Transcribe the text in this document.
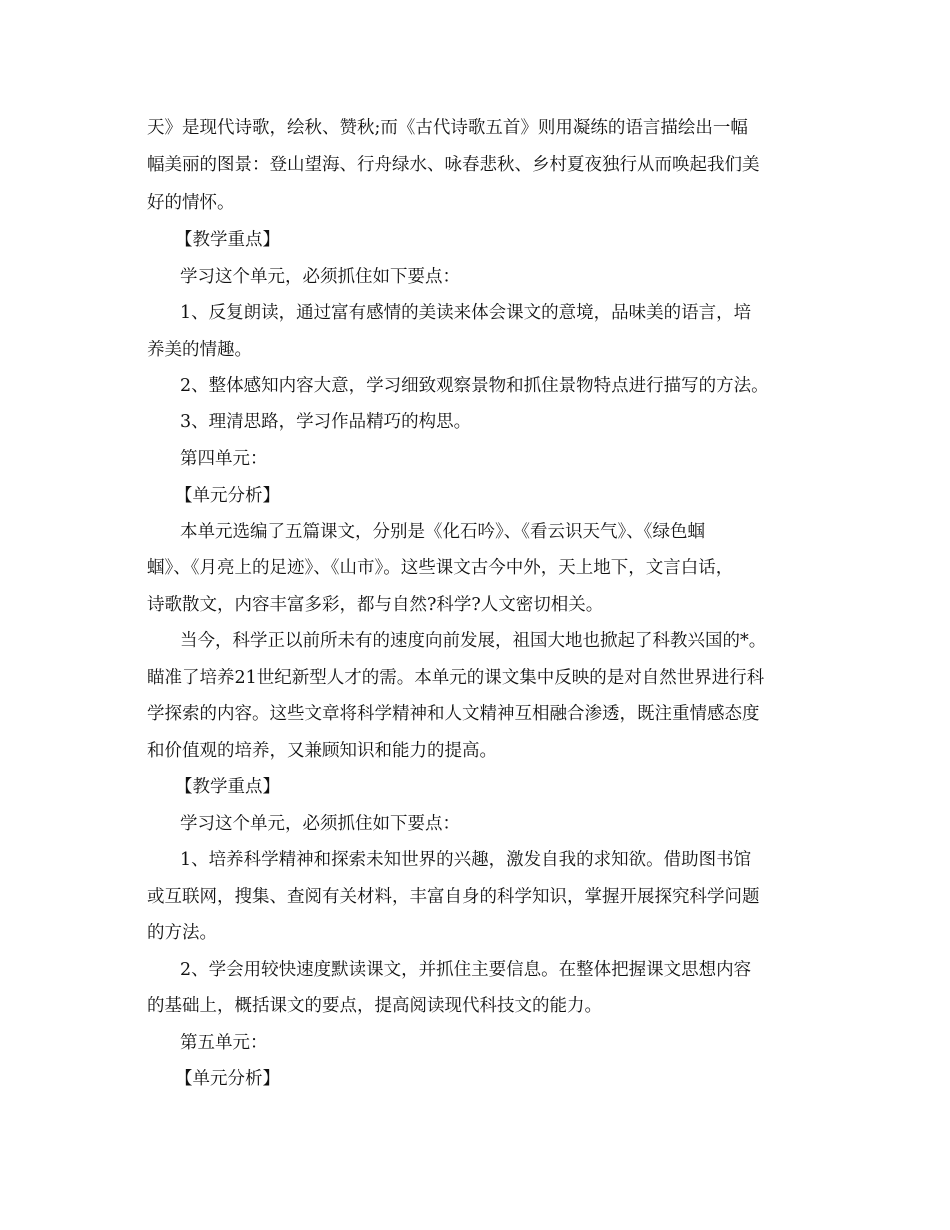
天》是现代诗歌，绘秋、赞秋;而《古代诗歌五首》则用凝练的语言描绘出一幅
幅美丽的图景：登山望海、行舟绿水、咏春悲秋、乡村夏夜独行从而唤起我们美
好的情怀。
【教学重点】
学习这个单元，必须抓住如下要点：
1、反复朗读，通过富有感情的美读来体会课文的意境，品味美的语言，培
养美的情趣。
2、整体感知内容大意，学习细致观察景物和抓住景物特点进行描写的方法。
3、理清思路，学习作品精巧的构思。
第四单元：
【单元分析】
本单元选编了五篇课文，分别是《化石吟》、《看云识天气》、《绿色蝈
蝈》、《月亮上的足迹》、《山市》。这些课文古今中外，天上地下，文言白话，
诗歌散文，内容丰富多彩，都与自然?科学?人文密切相关。
当今，科学正以前所未有的速度向前发展，祖国大地也掀起了科教兴国的*。
瞄准了培养21世纪新型人才的需。本单元的课文集中反映的是对自然世界进行科
学探索的内容。这些文章将科学精神和人文精神互相融合渗透，既注重情感态度
和价值观的培养，又兼顾知识和能力的提高。
【教学重点】
学习这个单元，必须抓住如下要点：
1、培养科学精神和探索未知世界的兴趣，激发自我的求知欲。借助图书馆
或互联网，搜集、查阅有关材料，丰富自身的科学知识，掌握开展探究科学问题
的方法。
2、学会用较快速度默读课文，并抓住主要信息。在整体把握课文思想内容
的基础上，概括课文的要点，提高阅读现代科技文的能力。
第五单元：
【单元分析】
